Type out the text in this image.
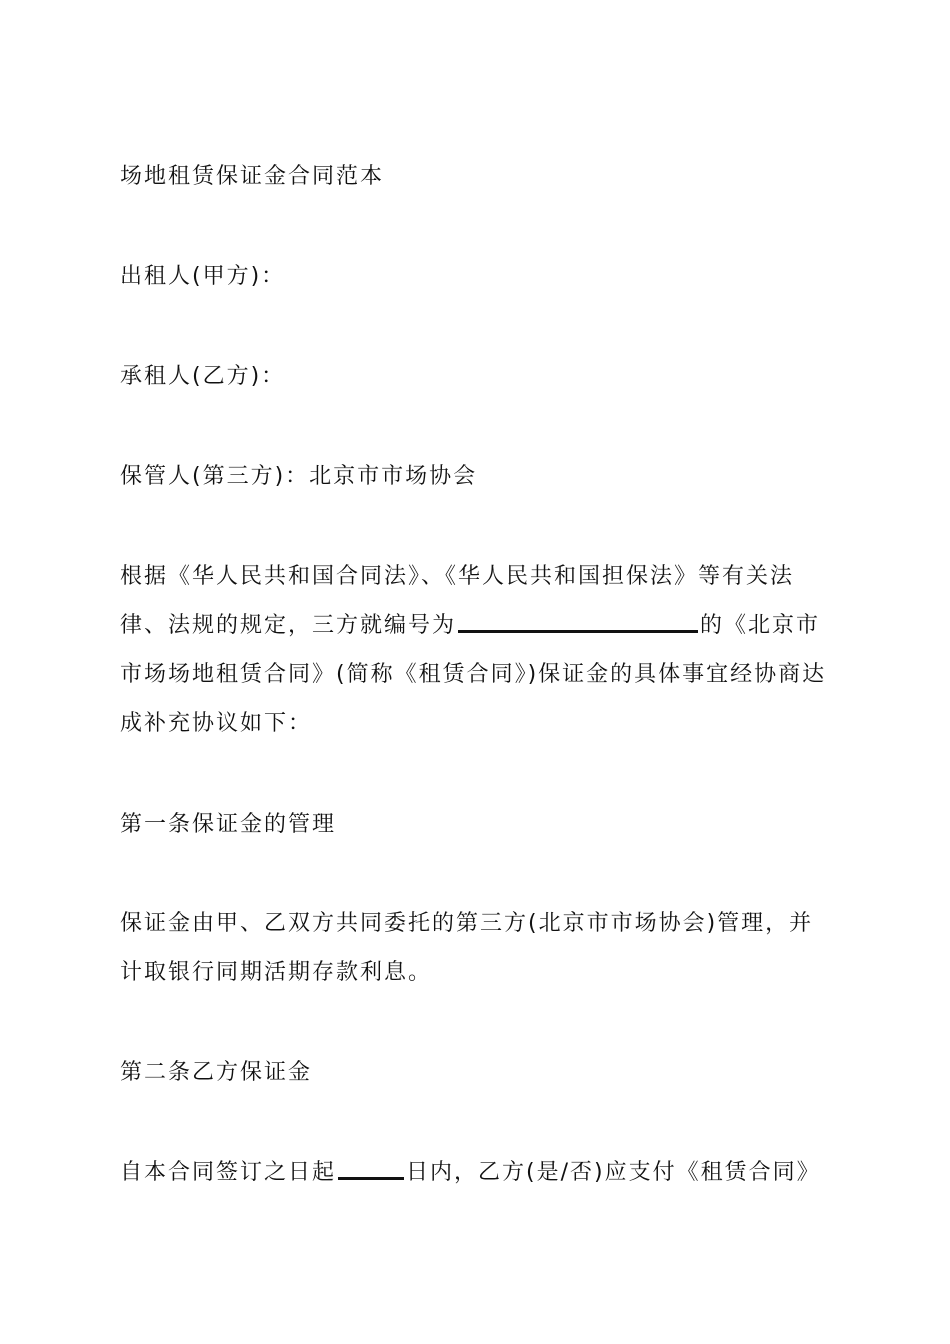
场地租赁保证金合同范本

出租人(甲方)：

承租人(乙方)：

保管人(第三方)：北京市市场协会

根据《华人民共和国合同法》、《华人民共和国担保法》等有关法律、法规的规定，三方就编号为	的《北京市市场场地租赁合同》(简称《租赁合同》)保证金的具体事宜经协商达成补充协议如下：

第一条保证金的管理

保证金由甲、乙双方共同委托的第三方(北京市市场协会)管理，并计取银行同期活期存款利息。

第二条乙方保证金

自本合同签订之日起	日内，乙方(是/否)应支付《租赁合同》
